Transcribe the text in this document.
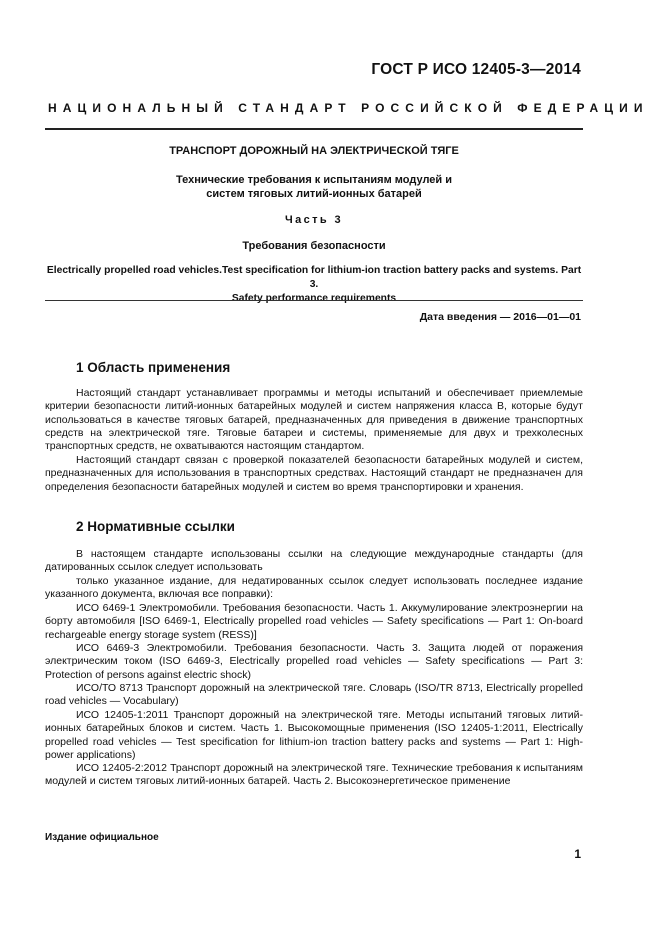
ГОСТ Р ИСО 12405-3—2014
НАЦИОНАЛЬНЫЙ СТАНДАРТ РОССИЙСКОЙ ФЕДЕРАЦИИ
ТРАНСПОРТ ДОРОЖНЫЙ НА ЭЛЕКТРИЧЕСКОЙ ТЯГЕ
Технические требования к испытаниям модулей и
систем тяговых литий-ионных батарей
Часть 3
Требования безопасности
Electrically propelled road vehicles.Test specification for lithium-ion traction battery packs and systems. Part 3.
Safety performance requirements
Дата введения — 2016—01—01
1 Область применения

Настоящий стандарт устанавливает программы и методы испытаний и обеспечивает приемлемые критерии безопасности литий-ионных батарейных модулей и систем напряжения класса В, которые будут использоваться в качестве тяговых батарей, предназначенных для приведения в движение транспортных средств на электрической тяге. Тяговые батареи и системы, применяемые для двух и трехколесных транспортных средств, не охватываются настоящим стандартом.

Настоящий стандарт связан с проверкой показателей безопасности батарейных модулей и систем, предназначенных для использования в транспортных средствах. Настоящий стандарт не предназначен для определения безопасности батарейных модулей и систем во время транспортировки и хранения.

2 Нормативные ссылки

В настоящем стандарте использованы ссылки на следующие международные стандарты (для датированных ссылок следует использовать

только указанное издание, для недатированных ссылок следует использовать последнее издание указанного документа, включая все поправки):

ИСО 6469-1 Электромобили. Требования безопасности. Часть 1. Аккумулирование электроэнергии на борту автомобиля [ISO 6469-1, Electrically propelled road vehicles — Safety specifications — Part 1: On-board rechargeable energy storage system (RESS)]

ИСО 6469-3 Электромобили. Требования безопасности. Часть 3. Защита людей от поражения электрическим током (ISO 6469-3, Electrically propelled road vehicles — Safety specifications — Part 3: Protection of persons against electric shock)

ИСО/ТО 8713 Транспорт дорожный на электрической тяге. Словарь (ISO/TR 8713, Electrically propelled road vehicles — Vocabulary)

ИСО 12405-1:2011 Транспорт дорожный на электрической тяге. Методы испытаний тяговых литий-ионных батарейных блоков и систем. Часть 1. Высокомощные применения (ISO 12405-1:2011, Electrically propelled road vehicles — Test specification for lithium-ion traction battery packs and systems — Part 1: High-power applications)

ИСО 12405-2:2012 Транспорт дорожный на электрической тяге. Технические требования к испытаниям модулей и систем тяговых литий-ионных батарей. Часть 2. Высокоэнергетическое применение

Издание официальное
1
